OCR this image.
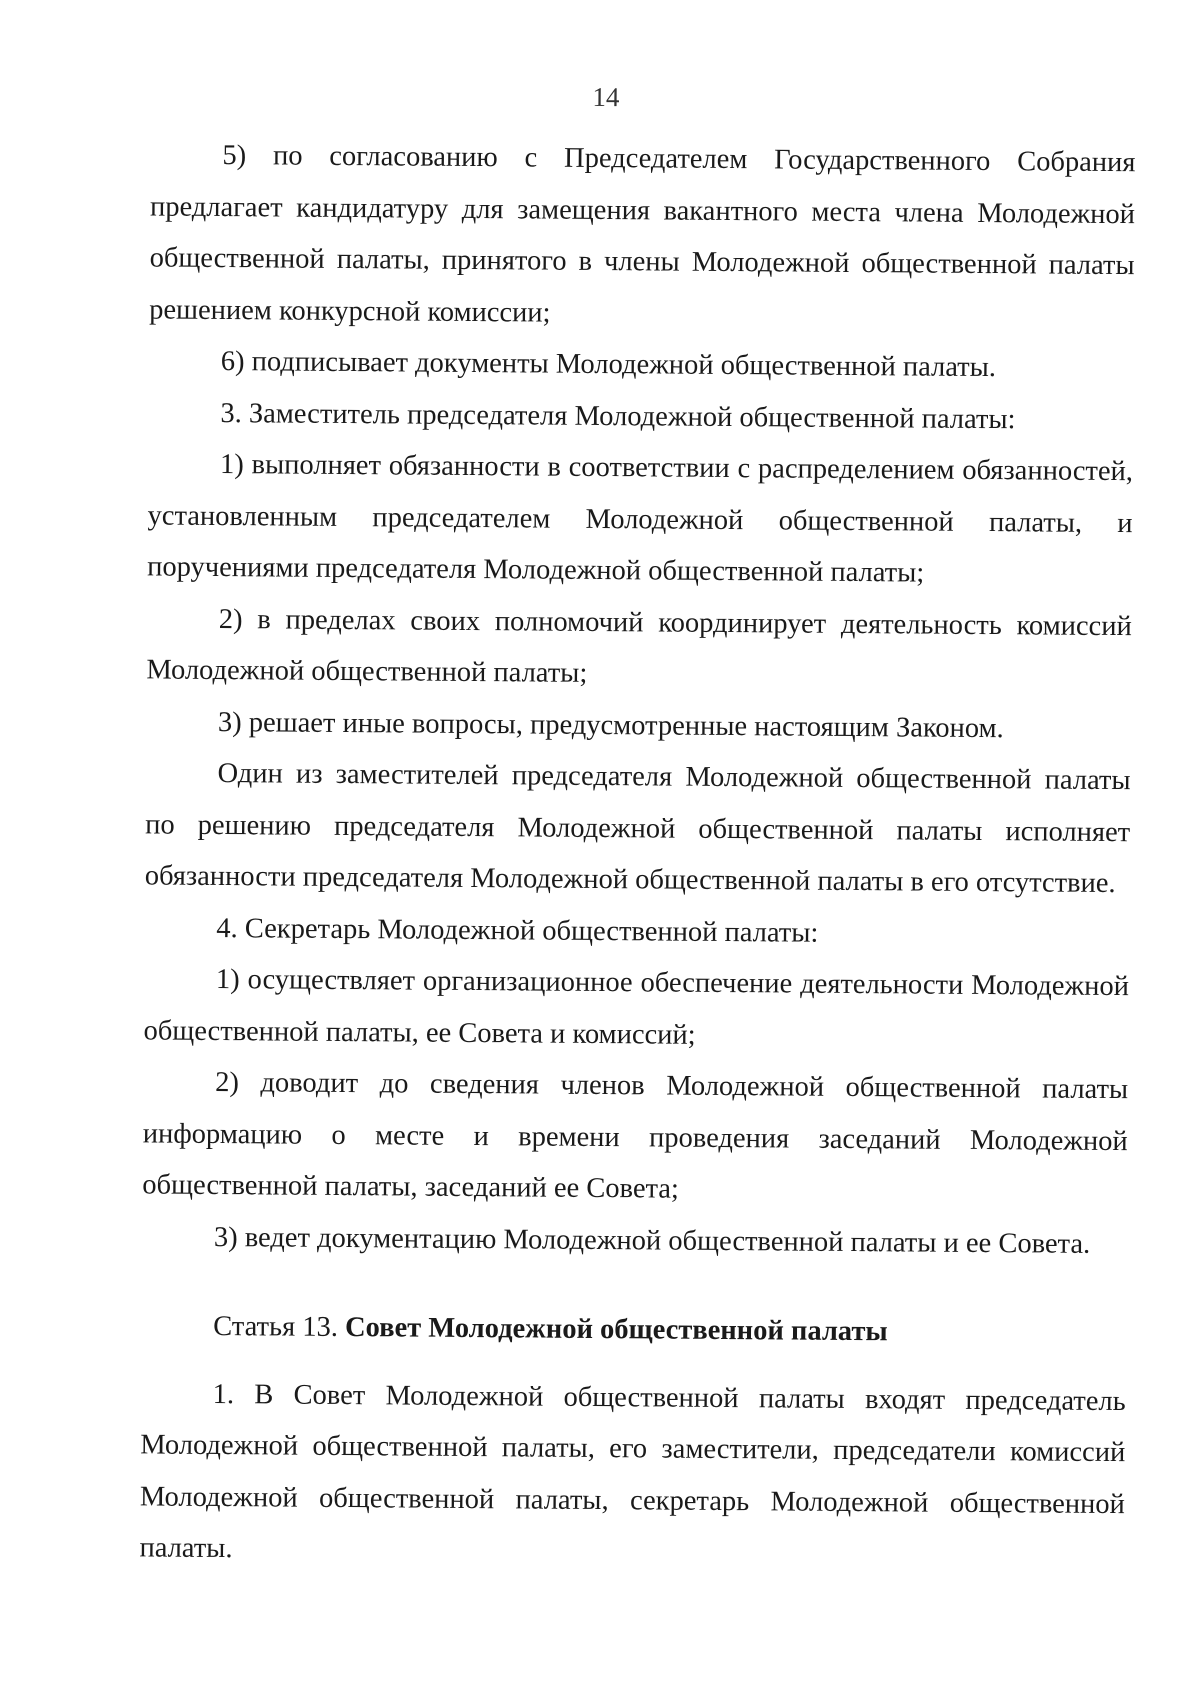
14

5) по согласованию с Председателем Государственного Собрания предлагает кандидатуру для замещения вакантного места члена Молодежной общественной палаты, принятого в члены Молодежной общественной палаты решением конкурсной комиссии;

6) подписывает документы Молодежной общественной палаты.

3. Заместитель председателя Молодежной общественной палаты:

1) выполняет обязанности в соответствии с распределением обязанностей, установленным председателем Молодежной общественной палаты, и поручениями председателя Молодежной общественной палаты;

2) в пределах своих полномочий координирует деятельность комиссий Молодежной общественной палаты;

3) решает иные вопросы, предусмотренные настоящим Законом.

Один из заместителей председателя Молодежной общественной палаты по решению председателя Молодежной общественной палаты исполняет обязанности председателя Молодежной общественной палаты в его отсутствие.

4. Секретарь Молодежной общественной палаты:

1) осуществляет организационное обеспечение деятельности Молодежной общественной палаты, ее Совета и комиссий;

2) доводит до сведения членов Молодежной общественной палаты информацию о месте и времени проведения заседаний Молодежной общественной палаты, заседаний ее Совета;

3) ведет документацию Молодежной общественной палаты и ее Совета.

Статья 13. Совет Молодежной общественной палаты

1. В Совет Молодежной общественной палаты входят председатель Молодежной общественной палаты, его заместители, председатели комиссий Молодежной общественной палаты, секретарь Молодежной общественной палаты.
